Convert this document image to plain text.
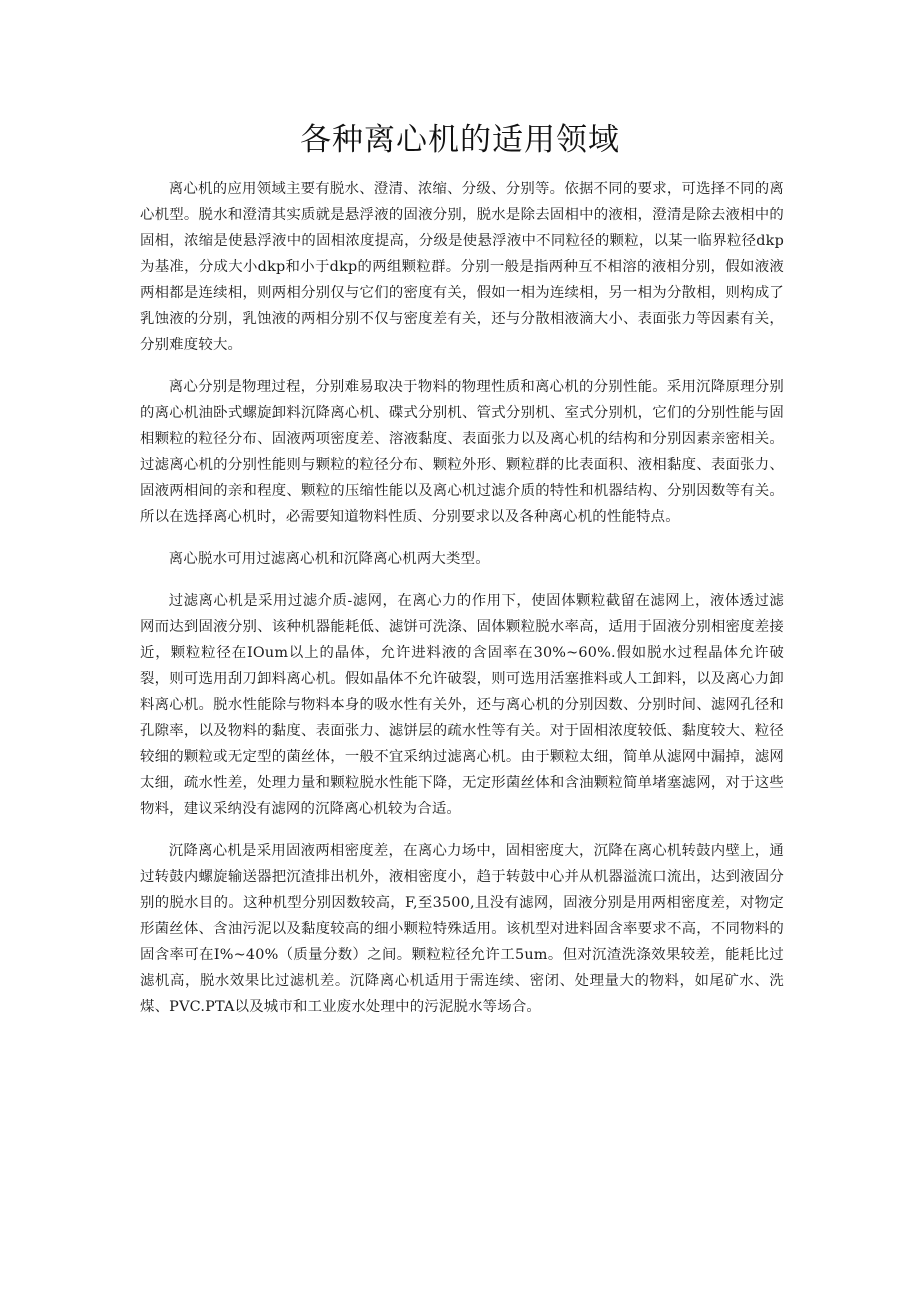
各种离心机的适用领域

离心机的应用领域主要有脱水、澄清、浓缩、分级、分别等。依据不同的要求，可选择不同的离心机型。脱水和澄清其实质就是悬浮液的固液分别，脱水是除去固相中的液相，澄清是除去液相中的固相，浓缩是使悬浮液中的固相浓度提高，分级是使悬浮液中不同粒径的颗粒，以某一临界粒径dkp为基准，分成大小dkp和小于dkp的两组颗粒群。分别一般是指两种互不相溶的液相分别，假如液液两相都是连续相，则两相分别仅与它们的密度有关，假如一相为连续相，另一相为分散相，则构成了乳蚀液的分别，乳蚀液的两相分别不仅与密度差有关，还与分散相液滴大小、表面张力等因素有关，分别难度较大。

离心分别是物理过程，分别难易取决于物料的物理性质和离心机的分别性能。采用沉降原理分别的离心机油卧式螺旋卸料沉降离心机、碟式分别机、管式分别机、室式分别机，它们的分别性能与固相颗粒的粒径分布、固液两项密度差、溶液黏度、表面张力以及离心机的结构和分别因素亲密相关。过滤离心机的分别性能则与颗粒的粒径分布、颗粒外形、颗粒群的比表面积、液相黏度、表面张力、固液两相间的亲和程度、颗粒的压缩性能以及离心机过滤介质的特性和机器结构、分别因数等有关。所以在选择离心机时，必需要知道物料性质、分别要求以及各种离心机的性能特点。

离心脱水可用过滤离心机和沉降离心机两大类型。

过滤离心机是采用过滤介质-滤网，在离心力的作用下，使固体颗粒截留在滤网上，液体透过滤网而达到固液分别、该种机器能耗低、滤饼可洗涤、固体颗粒脱水率高，适用于固液分别相密度差接近，颗粒粒径在IOum以上的晶体，允许进料液的含固率在30%~60%.假如脱水过程晶体允许破裂，则可选用刮刀卸料离心机。假如晶体不允许破裂，则可选用活塞推料或人工卸料，以及离心力卸料离心机。脱水性能除与物料本身的吸水性有关外，还与离心机的分别因数、分别时间、滤网孔径和孔隙率，以及物料的黏度、表面张力、滤饼层的疏水性等有关。对于固相浓度较低、黏度较大、粒径较细的颗粒或无定型的菌丝体，一般不宜采纳过滤离心机。由于颗粒太细，简单从滤网中漏掉，滤网太细，疏水性差，处理力量和颗粒脱水性能下降，无定形菌丝体和含油颗粒简单堵塞滤网，对于这些物料，建议采纳没有滤网的沉降离心机较为合适。

沉降离心机是采用固液两相密度差，在离心力场中，固相密度大，沉降在离心机转鼓内壁上，通过转鼓内螺旋输送器把沉渣排出机外，液相密度小，趋于转鼓中心并从机器溢流口流出，达到液固分别的脱水目的。这种机型分别因数较高，F,至3500,且没有滤网，固液分别是用两相密度差，对物定形菌丝体、含油污泥以及黏度较高的细小颗粒特殊适用。该机型对进料固含率要求不高，不同物料的固含率可在I%~40%（质量分数）之间。颗粒粒径允许工5um。但对沉渣洗涤效果较差，能耗比过滤机高，脱水效果比过滤机差。沉降离心机适用于需连续、密闭、处理量大的物料，如尾矿水、洗煤、PVC.PTA以及城市和工业废水处理中的污泥脱水等场合。
